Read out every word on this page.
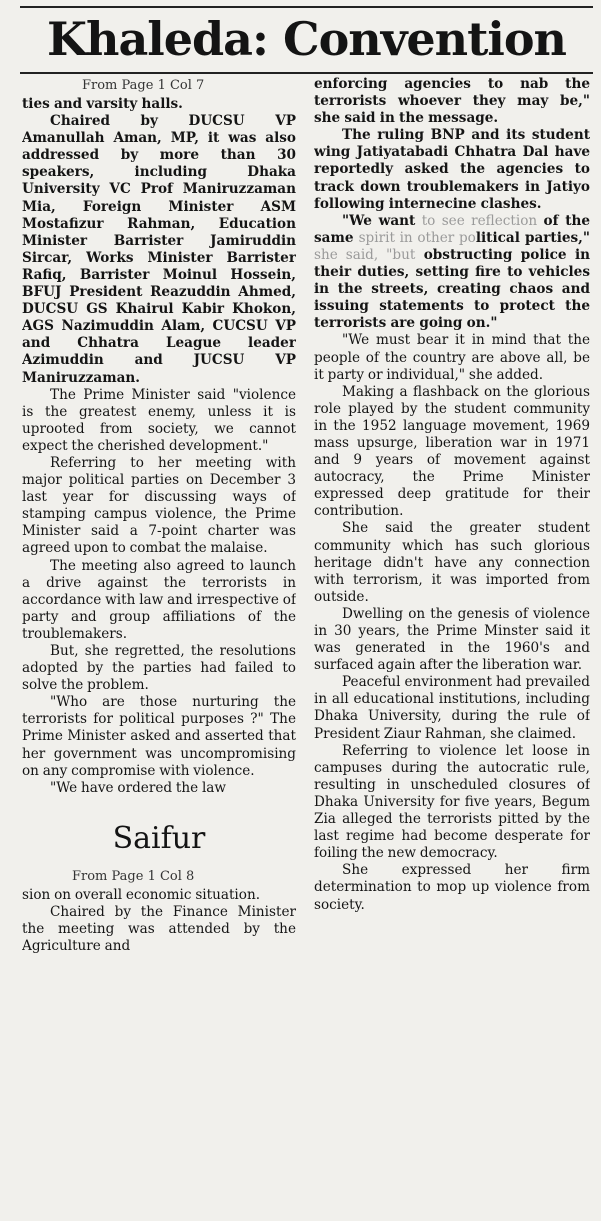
Khaleda: Convention
From Page 1 Col 7

ties and varsity halls.

Chaired by DUCSU VP Amanullah Aman, MP, it was also addressed by more than 30 speakers, including Dhaka University VC Prof Maniruzzaman Mia, Foreign Minister ASM Mostafizur Rahman, Education Minister Barrister Jamiruddin Sircar, Works Minister Barrister Rafiq, Barrister Moinul Hossein, BFUJ President Reazuddin Ahmed, DUCSU GS Khairul Kabir Khokon, AGS Nazimuddin Alam, CUCSU VP and Chhatra League leader Azimuddin and JUCSU VP Maniruzzaman.

The Prime Minister said "violence is the greatest enemy, unless it is uprooted from society, we cannot expect the cherished development."

Referring to her meeting with major political parties on December 3 last year for discussing ways of stamping campus violence, the Prime Minister said a 7-point charter was agreed upon to combat the malaise.

The meeting also agreed to launch a drive against the terrorists in accordance with law and irrespective of party and group affiliations of the troublemakers.

But, she regretted, the resolutions adopted by the parties had failed to solve the problem.

"Who are those nurturing the terrorists for political purposes ?" The Prime Minister asked and asserted that her government was uncompromising on any compromise with violence.

"We have ordered the law

Saifur
From Page 1 Col 8

sion on overall economic situation.

Chaired by the Finance Minister the meeting was attended by the Agriculture and

enforcing agencies to nab the terrorists whoever they may be," she said in the message.

The ruling BNP and its student wing Jatiyatabadi Chhatra Dal have reportedly asked the agencies to track down troublemakers in Jatiyo following internecine clashes.

"We want to see reflection of the same spirit in other political parties," she said, "but obstructing police in their duties, setting fire to vehicles in the streets, creating chaos and issuing statements to protect the terrorists are going on."

"We must bear it in mind that the people of the country are above all, be it party or individual," she added.

Making a flashback on the glorious role played by the student community in the 1952 language movement, 1969 mass upsurge, liberation war in 1971 and 9 years of movement against autocracy, the Prime Minister expressed deep gratitude for their contribution.

She said the greater student community which has such glorious heritage didn't have any connection with terrorism, it was imported from outside.

Dwelling on the genesis of violence in 30 years, the Prime Minster said it was generated in the 1960's and surfaced again after the liberation war.

Peaceful environment had prevailed in all educational institutions, including Dhaka University, during the rule of President Ziaur Rahman, she claimed.

Referring to violence let loose in campuses during the autocratic rule, resulting in unscheduled closures of Dhaka University for five years, Begum Zia alleged the terrorists pitted by the last regime had become desperate for foiling the new democracy.

She expressed her firm determination to mop up violence from society.
